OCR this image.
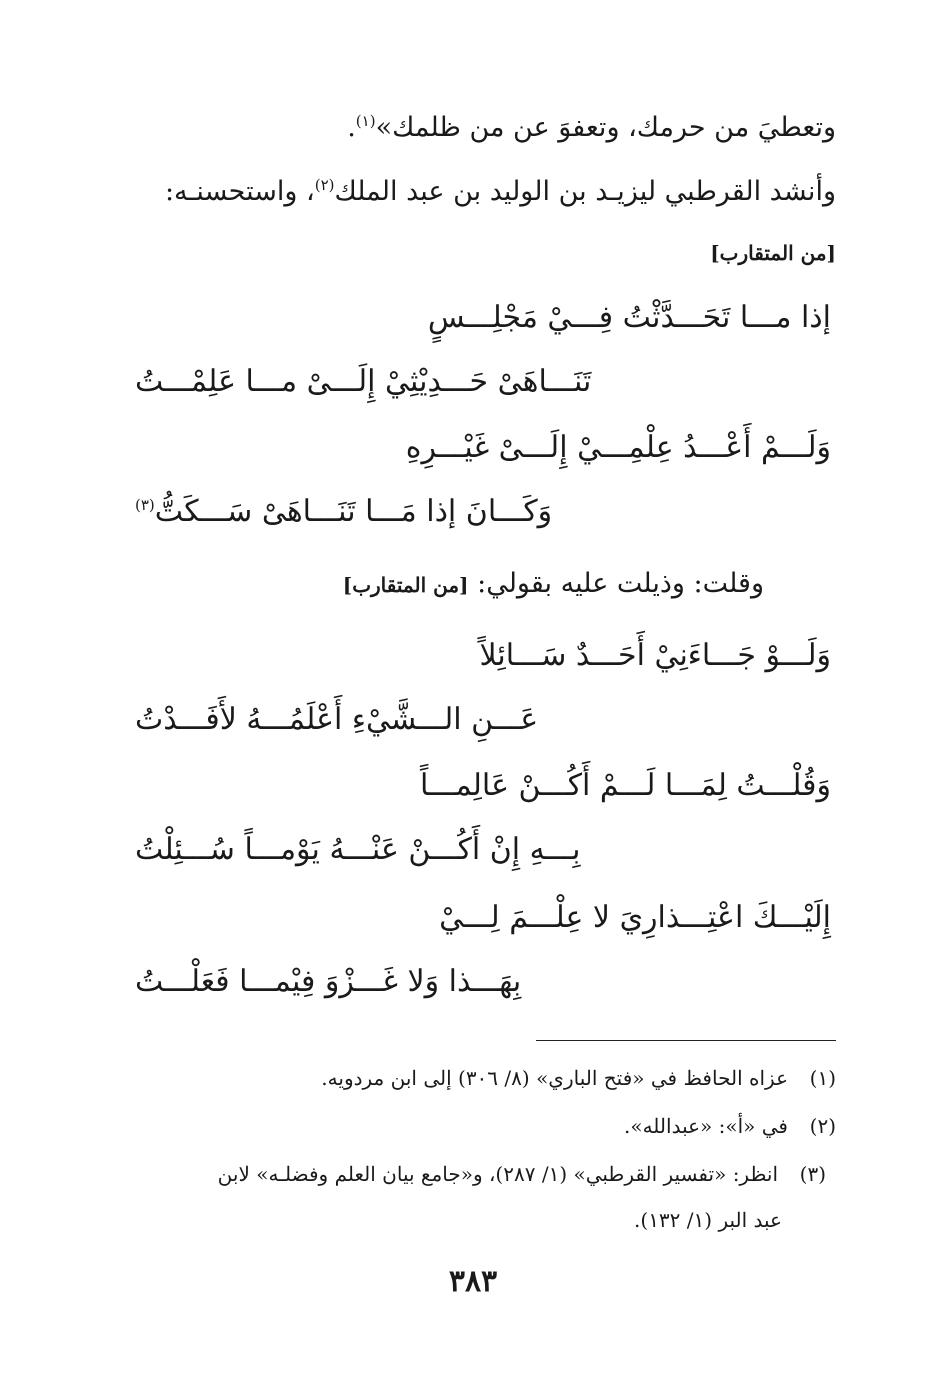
وتعطيَ من حرمك، وتعفوَ عن من ظلمك»$^{(١)}$.
وأنشد القرطبي ليزيـد بن الوليد بن عبد الملك$^{(٢)}$، واستحسنـه:
[من المتقارب]
إذا مـــا تَحَـــدَّثْتُ فِـــيْ مَجْلِـــسٍ
تَنَـــاهَىْ حَـــدِيْثِيْ إِلَـــىْ مـــا عَلِمْـــتُ
وَلَـــمْ أَعْـــدُ عِلْمِـــيْ إِلَـــىْ غَيْـــرِهِ
وَكَـــانَ إذا مَـــا تَنَـــاهَىْ سَـــكَتُّ$^{(٣)}$
وقلت: وذيلت عليه بقولي: [من المتقارب]
وَلَـــوْ جَـــاءَنِيْ أَحَـــدٌ سَـــائِلاً
عَـــنِ الـــشَّيْءِ أَعْلَمُـــهُ لأَفَـــدْتُ
وَقُلْـــتُ لِمَـــا لَـــمْ أَكُـــنْ عَالِمـــاً
بِـــهِ إِنْ أَكُـــنْ عَنْـــهُ يَوْمـــاً سُـــئِلْتُ
إِلَيْـــكَ اعْتِـــذارِيَ لا عِلْـــمَ لِـــيْ
بِهَـــذا وَلا غَـــزْوَ فِيْمـــا فَعَلْـــتُ
(١)عزاه الحافظ في «فتح الباري» (٨/ ٣٠٦) إلى ابن مردويه.
(٢)في «أ»: «عبدالله».
(٣)انظر: «تفسير القرطبي» (١/ ٢٨٧)، و«جامع بيان العلم وفضلـه» لابن
عبد البر (١/ ١٣٢).
٣٨٣
